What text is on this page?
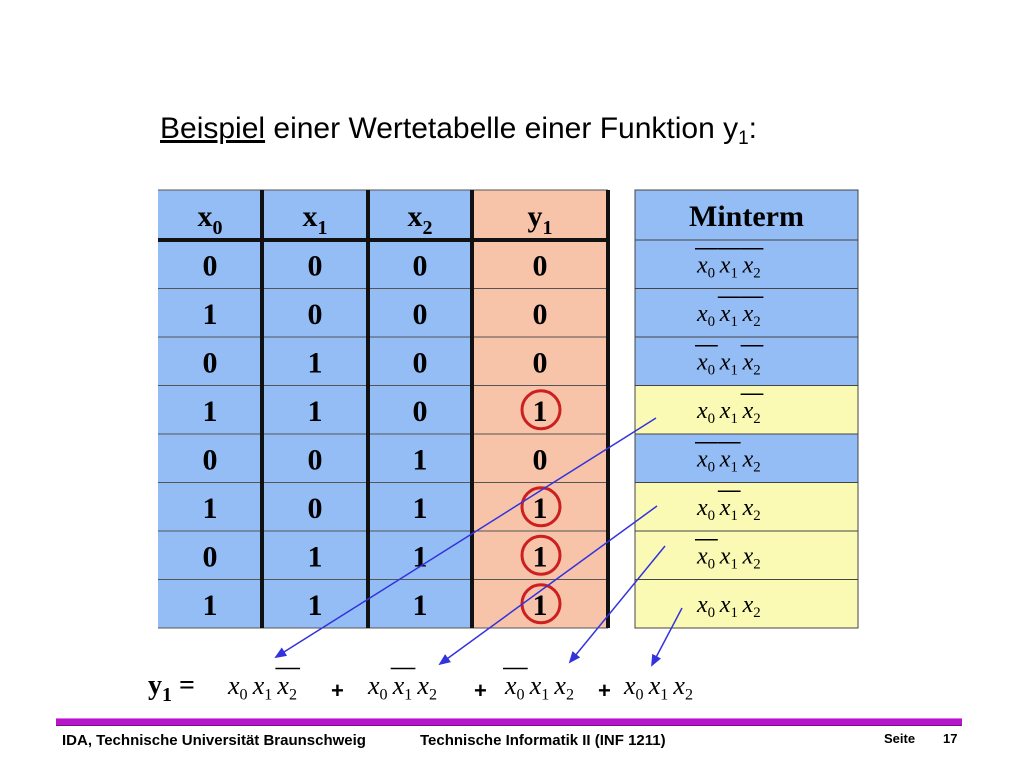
Beispiel einer Wertetabelle einer Funktion $y_1$:
$x_0$	$x_1$	$x_2$	$y_1$
0	0	0	0
1	0	0	0
0	1	0	0
1	1	0	1
0	0	1	0
1	0	1	1
0	1	1	1
1	1	1	1
Minterm
$x_0$ $x_1$ $x_2$
$x_0$ $x_1$ $x_2$
$x_0$ $x_1$ $x_2$
$x_0$ $x_1$ $x_2$
$x_0$ $x_1$ $x_2$
$x_0$ $x_1$ $x_2$
$x_0$ $x_1$ $x_2$
$x_0$ $x_1$ $x_2$
$y_1 = x_0$ $x_1$ $x_2$	$x_0$ $x_1$ $x_2$	$x_0$ $x_1$ $x_2$ $x_0$ $x_1$ $x_2$
+	+	+
IDA, Technische Universität Braunschweig	Technische Informatik II (INF 1211)	Seite 17
